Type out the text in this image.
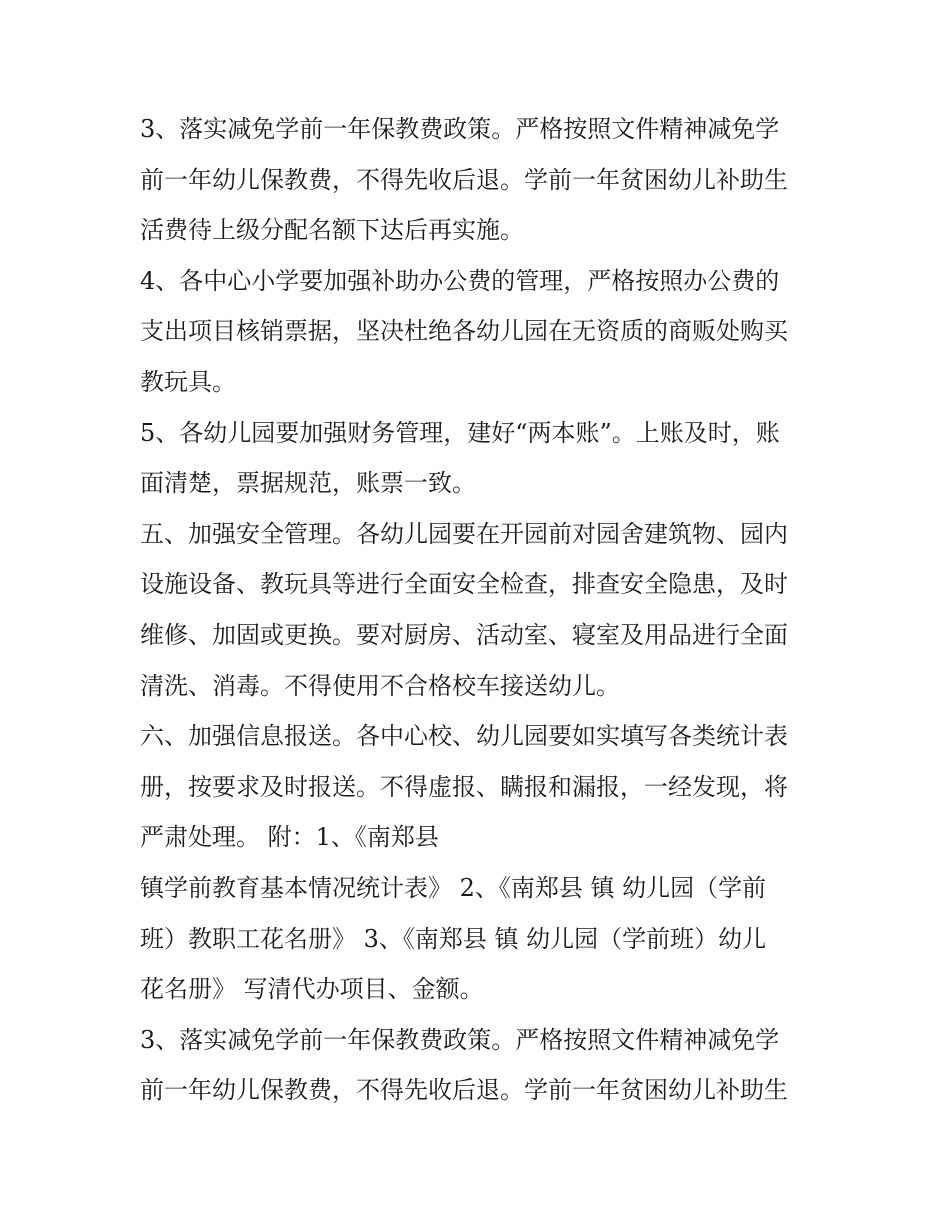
3、落实减免学前一年保教费政策。严格按照文件精神减免学
前一年幼儿保教费，不得先收后退。学前一年贫困幼儿补助生
活费待上级分配名额下达后再实施。
4、各中心小学要加强补助办公费的管理，严格按照办公费的
支出项目核销票据，坚决杜绝各幼儿园在无资质的商贩处购买
教玩具。
5、各幼儿园要加强财务管理，建好“两本账”。上账及时，账
面清楚，票据规范，账票一致。
五、加强安全管理。各幼儿园要在开园前对园舍建筑物、园内
设施设备、教玩具等进行全面安全检查，排查安全隐患，及时
维修、加固或更换。要对厨房、活动室、寝室及用品进行全面
清洗、消毒。不得使用不合格校车接送幼儿。
六、加强信息报送。各中心校、幼儿园要如实填写各类统计表
册，按要求及时报送。不得虚报、瞒报和漏报，一经发现，将
严肃处理。 附：1、《南郑县
镇学前教育基本情况统计表》 2、《南郑县 镇 幼儿园（学前
班）教职工花名册》 3、《南郑县 镇 幼儿园（学前班）幼儿
花名册》 写清代办项目、金额。
3、落实减免学前一年保教费政策。严格按照文件精神减免学
前一年幼儿保教费，不得先收后退。学前一年贫困幼儿补助生
